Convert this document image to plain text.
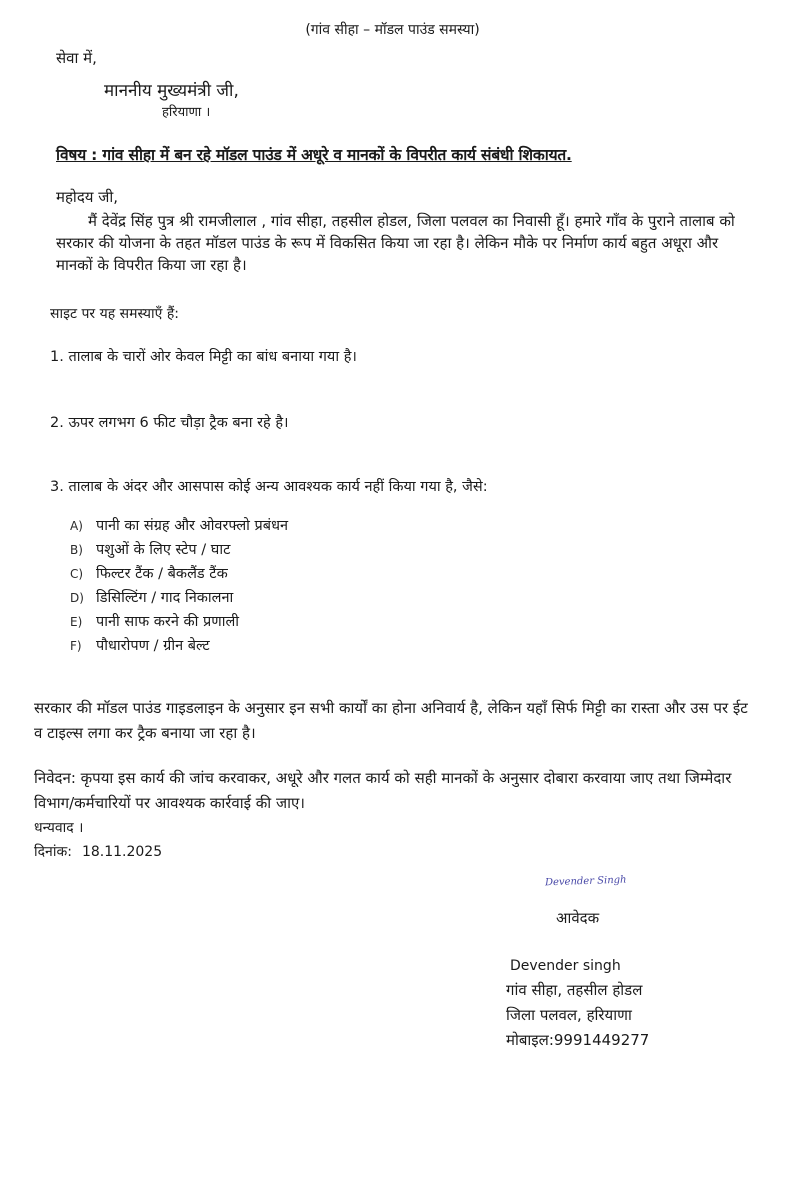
(गांव सीहा – मॉडल पाउंड समस्या)
सेवा में,
माननीय मुख्यमंत्री जी,
हरियाणा ।
विषय : गांव सीहा में बन रहे मॉडल पाउंड में अधूरे व मानकों के विपरीत कार्य संबंधी शिकायत.
महोदय जी,
मैं देवेंद्र सिंह पुत्र श्री रामजीलाल , गांव सीहा, तहसील होडल, जिला पलवल का निवासी हूँ। हमारे गाँव के पुराने तालाब को सरकार की योजना के तहत मॉडल पाउंड के रूप में विकसित किया जा रहा है। लेकिन मौके पर निर्माण कार्य बहुत अधूरा और मानकों के विपरीत किया जा रहा है।
साइट पर यह समस्याएँ हैं:
1. तालाब के चारों ओर केवल मिट्टी का बांध बनाया गया है।
2. ऊपर लगभग 6 फीट चौड़ा ट्रैक बना रहे है।
3. तालाब के अंदर और आसपास कोई अन्य आवश्यक कार्य नहीं किया गया है, जैसे:
A) पानी का संग्रह और ओवरफ्लो प्रबंधन
B) पशुओं के लिए स्टेप / घाट
C) फिल्टर टैंक / बैकलैंड टैंक
D) डिसिल्टिंग / गाद निकालना
E) पानी साफ करने की प्रणाली
F) पौधारोपण / ग्रीन बेल्ट
सरकार की मॉडल पाउंड गाइडलाइन के अनुसार इन सभी कार्यों का होना अनिवार्य है, लेकिन यहाँ सिर्फ मिट्टी का रास्ता और उस पर ईट व टाइल्स लगा कर ट्रैक बनाया जा रहा है।
निवेदन: कृपया इस कार्य की जांच करवाकर, अधूरे और गलत कार्य को सही मानकों के अनुसार दोबारा करवाया जाए तथा जिम्मेदार विभाग/कर्मचारियों पर आवश्यक कार्रवाई की जाए।
धन्यवाद ।
दिनांक: 18.11.2025
Devender Singh
आवेदक
Devender singh
गांव सीहा, तहसील होडल
जिला पलवल, हरियाणा
मोबाइल:9991449277
